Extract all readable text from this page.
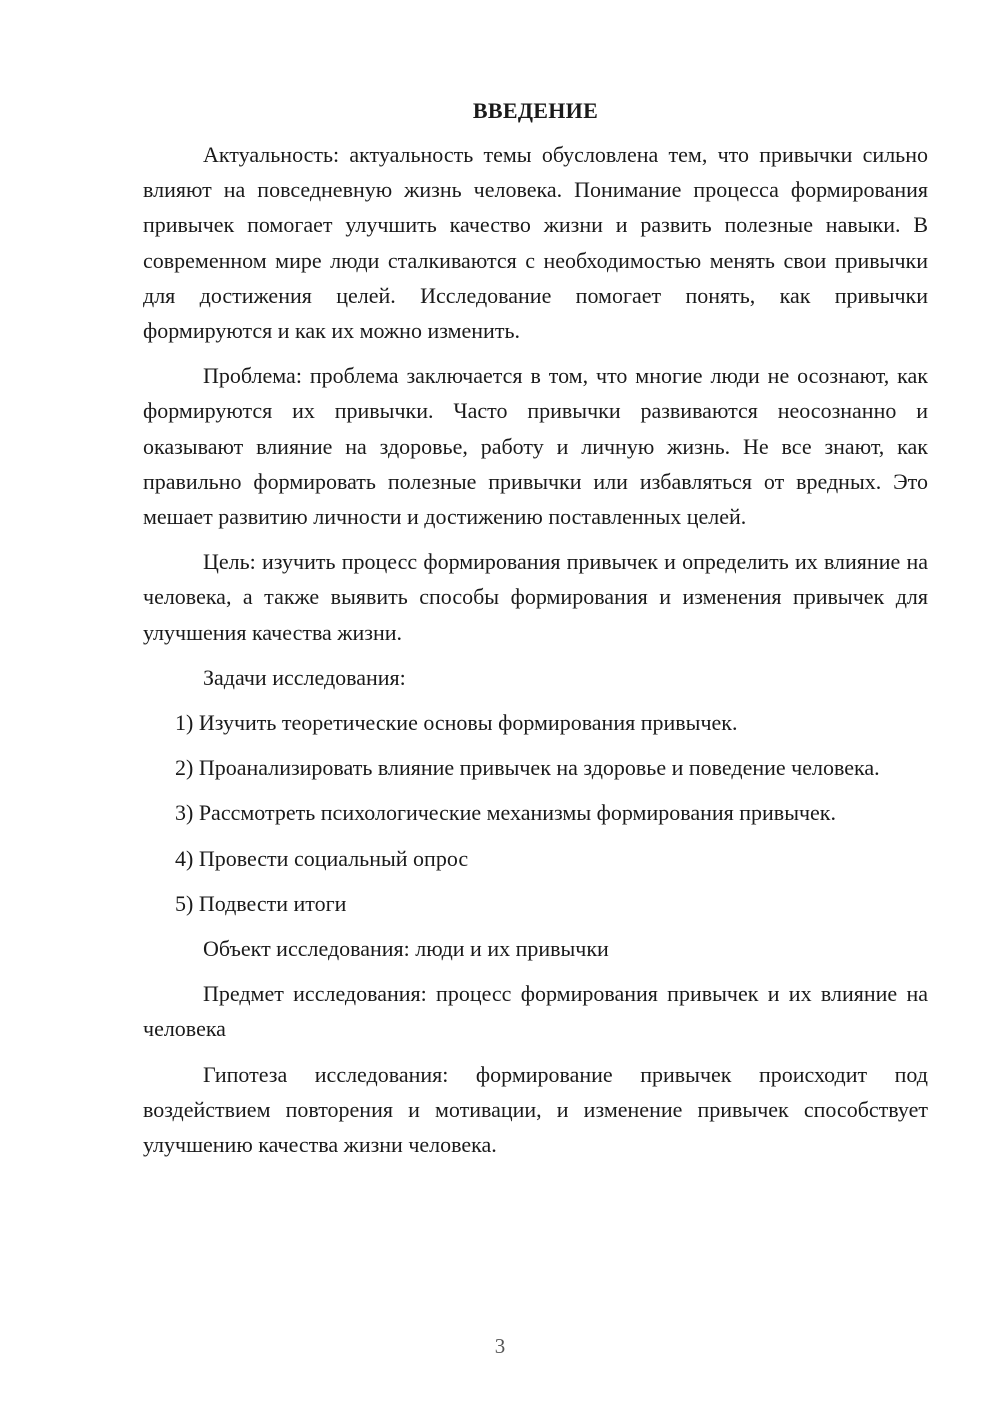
ВВЕДЕНИЕ

Актуальность: актуальность темы обусловлена тем, что привычки сильно влияют на повседневную жизнь человека. Понимание процесса формирования привычек помогает улучшить качество жизни и развить полезные навыки. В современном мире люди сталкиваются с необходимостью менять свои привычки для достижения целей. Исследование помогает понять, как привычки формируются и как их можно изменить.

Проблема: проблема заключается в том, что многие люди не осознают, как формируются их привычки. Часто привычки развиваются неосознанно и оказывают влияние на здоровье, работу и личную жизнь. Не все знают, как правильно формировать полезные привычки или избавляться от вредных. Это мешает развитию личности и достижению поставленных целей.

Цель: изучить процесс формирования привычек и определить их влияние на человека, а также выявить способы формирования и изменения привычек для улучшения качества жизни.

Задачи исследования:

1) Изучить теоретические основы формирования привычек.

2) Проанализировать влияние привычек на здоровье и поведение человека.

3) Рассмотреть психологические механизмы формирования привычек.

4) Провести социальный опрос

5) Подвести итоги

Объект исследования: люди и их привычки

Предмет исследования: процесс формирования привычек и их влияние на человека

Гипотеза исследования: формирование привычек происходит под воздействием повторения и мотивации, и изменение привычек способствует улучшению качества жизни человека.

3
